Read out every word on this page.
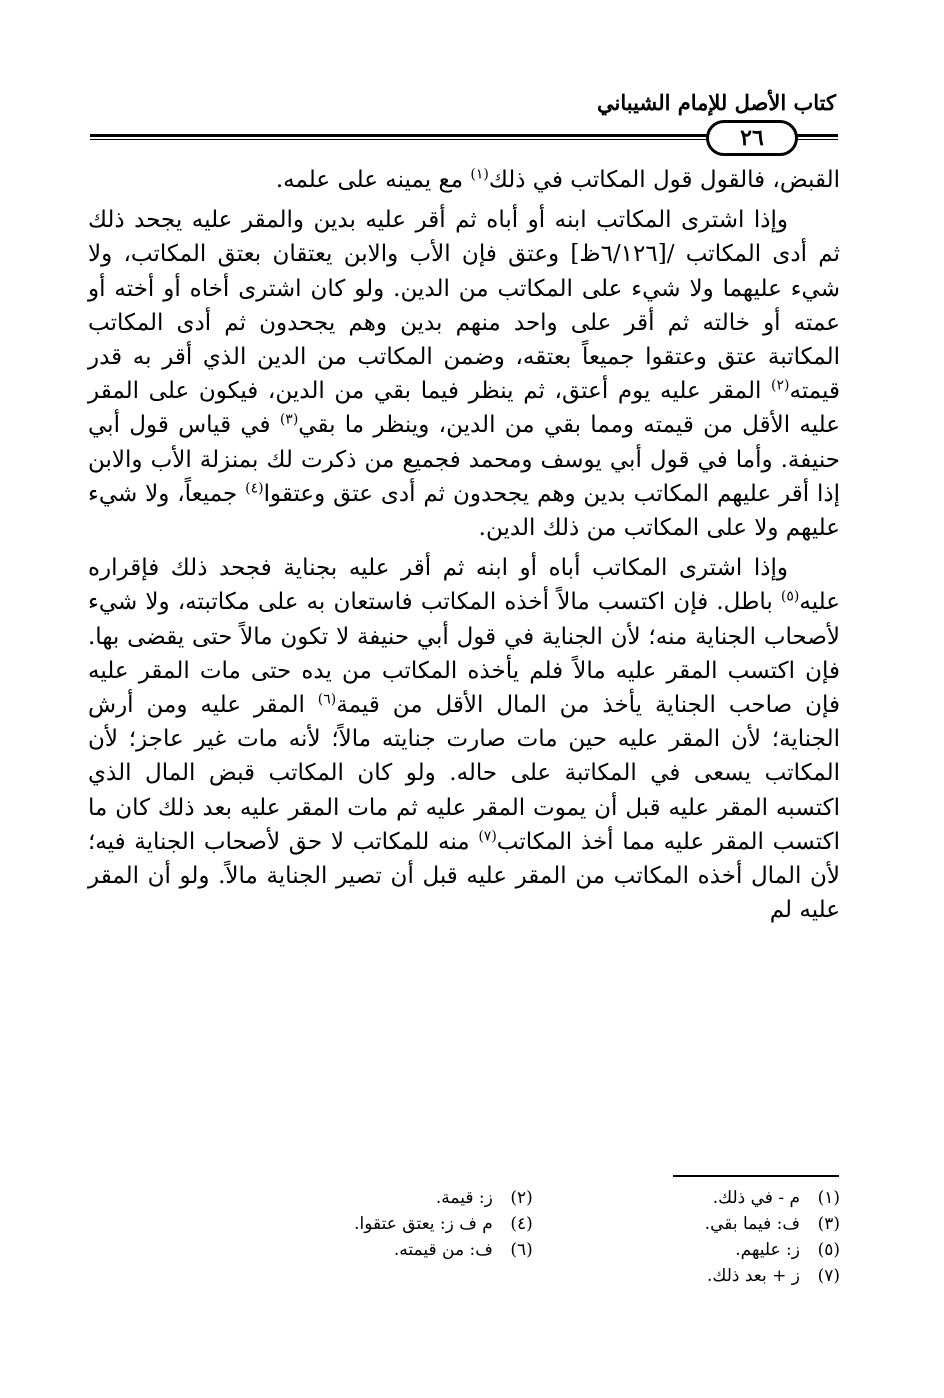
كتاب الأصل للإمام الشيباني
٢٦

القبض، فالقول قول المكاتب في ذلك$^{(١)}$ مع يمينه على علمه.

وإذا اشترى المكاتب ابنه أو أباه ثم أقر عليه بدين والمقر عليه يجحد ذلك ثم أدى المكاتب /[٦/١٢٦ظ] وعتق فإن الأب والابن يعتقان بعتق المكاتب، ولا شيء عليهما ولا شيء على المكاتب من الدين. ولو كان اشترى أخاه أو أخته أو عمته أو خالته ثم أقر على واحد منهم بدين وهم يجحدون ثم أدى المكاتب المكاتبة عتق وعتقوا جميعاً بعتقه، وضمن المكاتب من الدين الذي أقر به قدر قيمته$^{(٢)}$ المقر عليه يوم أعتق، ثم ينظر فيما بقي من الدين، فيكون على المقر عليه الأقل من قيمته ومما بقي من الدين، وينظر ما بقي$^{(٣)}$ في قياس قول أبي حنيفة. وأما في قول أبي يوسف ومحمد فجميع من ذكرت لك بمنزلة الأب والابن إذا أقر عليهم المكاتب بدين وهم يجحدون ثم أدى عتق وعتقوا$^{(٤)}$ جميعاً، ولا شيء عليهم ولا على المكاتب من ذلك الدين.

وإذا اشترى المكاتب أباه أو ابنه ثم أقر عليه بجناية فجحد ذلك فإقراره عليه$^{(٥)}$ باطل. فإن اكتسب مالاً أخذه المكاتب فاستعان به على مكاتبته، ولا شيء لأصحاب الجناية منه؛ لأن الجناية في قول أبي حنيفة لا تكون مالاً حتى يقضى بها. فإن اكتسب المقر عليه مالاً فلم يأخذه المكاتب من يده حتى مات المقر عليه فإن صاحب الجناية يأخذ من المال الأقل من قيمة$^{(٦)}$ المقر عليه ومن أرش الجناية؛ لأن المقر عليه حين مات صارت جنايته مالاً؛ لأنه مات غير عاجز؛ لأن المكاتب يسعى في المكاتبة على حاله. ولو كان المكاتب قبض المال الذي اكتسبه المقر عليه قبل أن يموت المقر عليه ثم مات المقر عليه بعد ذلك كان ما اكتسب المقر عليه مما أخذ المكاتب$^{(٧)}$ منه للمكاتب لا حق لأصحاب الجناية فيه؛ لأن المال أخذه المكاتب من المقر عليه قبل أن تصير الجناية مالاً. ولو أن المقر عليه لم

(١)م - في ذلك.
(٢)ز: قيمة.
(٣)ف: فيما بقي.
(٤)م ف ز: يعتق عتقوا.
(٥)ز: عليهم.
(٦)ف: من قيمته.
(٧)ز + بعد ذلك.
